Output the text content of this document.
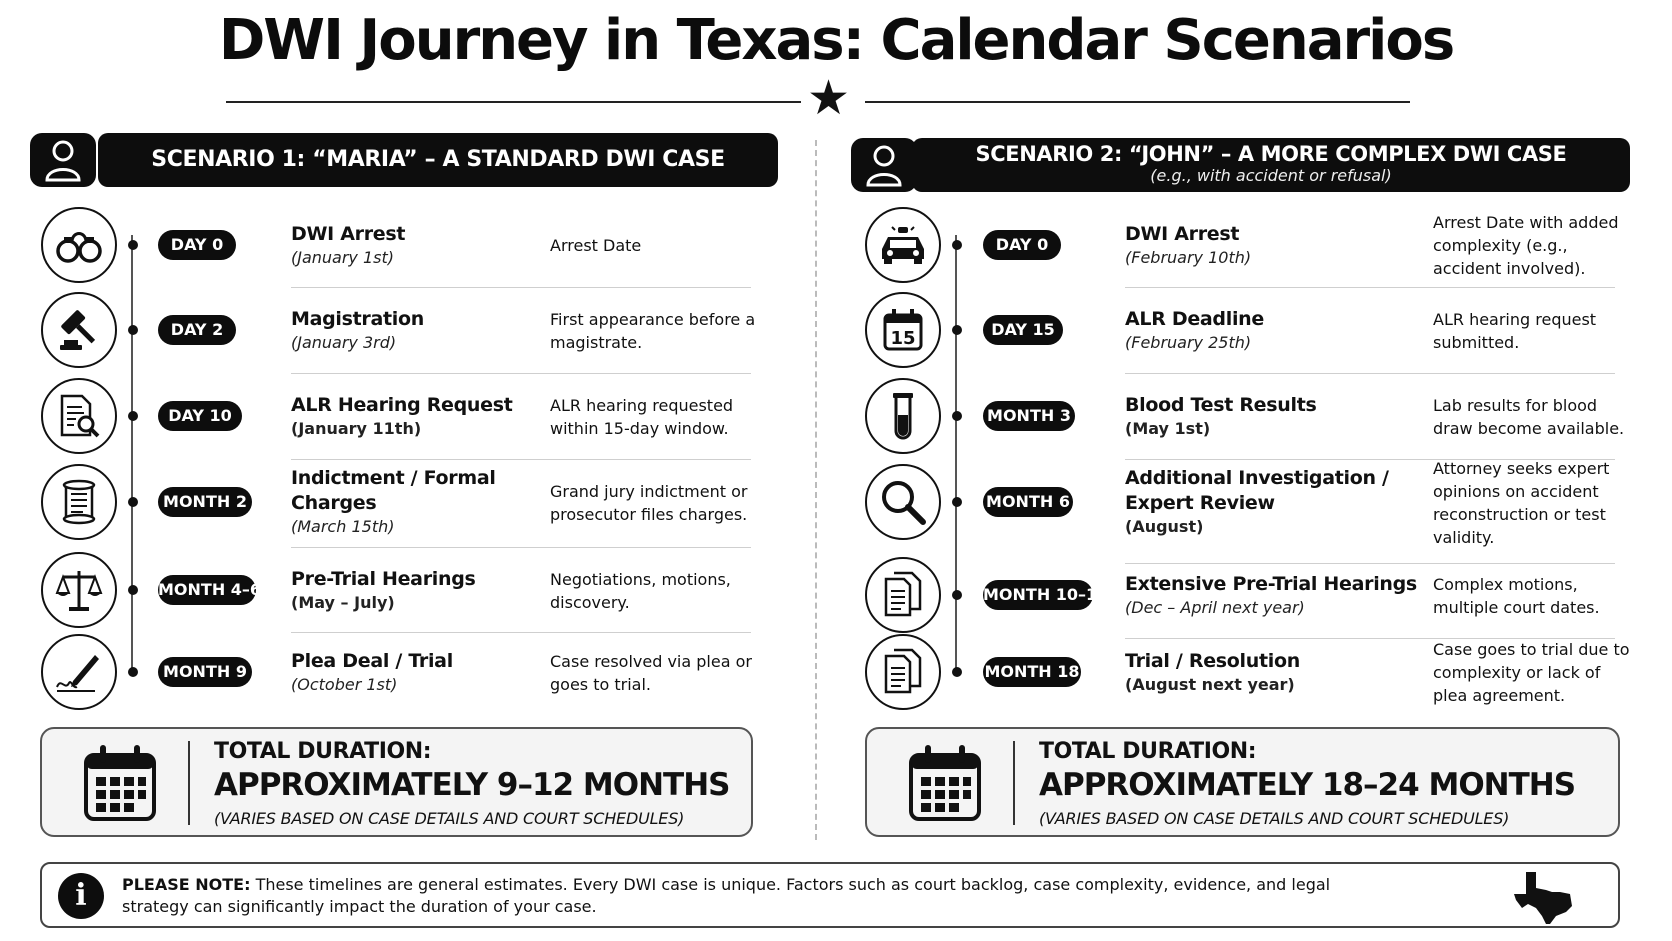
DWI Journey in Texas: Calendar Scenarios
★
SCENARIO 1: “MARIA” – A STANDARD DWI CASE
DAY 0	DWI Arrest
(January 1st)
Arrest Date
DAY 2	Magistration
(January 3rd)
First appearance before a magistrate.
DAY 10	ALR Hearing Request
(January 11th)
ALR hearing requested within 15-day window.
MONTH 2
Indictment / Formal Charges
(March 15th)
Grand jury indictment or prosecutor files charges.
MONTH 4–6 Pre-Trial Hearings
(May – July)
Negotiations, motions, discovery.
MONTH 9 Plea Deal / Trial
(October 1st)
Case resolved via plea or goes to trial.
SCENARIO 2: “JOHN” – A MORE COMPLEX DWI CASE
(e.g., with accident or refusal)
DAY 0	DWI Arrest
(February 10th)
Arrest Date with added complexity (e.g., accident involved).
15	DAY 15	ALR Deadline
(February 25th)
ALR hearing request submitted.
MONTH 3	Blood Test Results
(May 1st)
Lab results for blood draw become available.
MONTH 6
Additional Investigation / Expert Review
(August)
Attorney seeks expert opinions on accident reconstruction or test validity.
MONTH 10–14 Extensive Pre-Trial Hearings
(Dec – April next year)
Complex motions, multiple court dates.
MONTH 18 Trial / Resolution
(August next year)
Case goes to trial due to complexity or lack of plea agreement.
TOTAL DURATION:
APPROXIMATELY 9–12 MONTHS
(VARIES BASED ON CASE DETAILS AND COURT SCHEDULES)
TOTAL DURATION:
APPROXIMATELY 18–24 MONTHS
(VARIES BASED ON CASE DETAILS AND COURT SCHEDULES)
i	PLEASE NOTE: These timelines are general estimates. Every DWI case is unique. Factors such as court backlog, case complexity, evidence, and legal strategy can significantly impact the duration of your case.
